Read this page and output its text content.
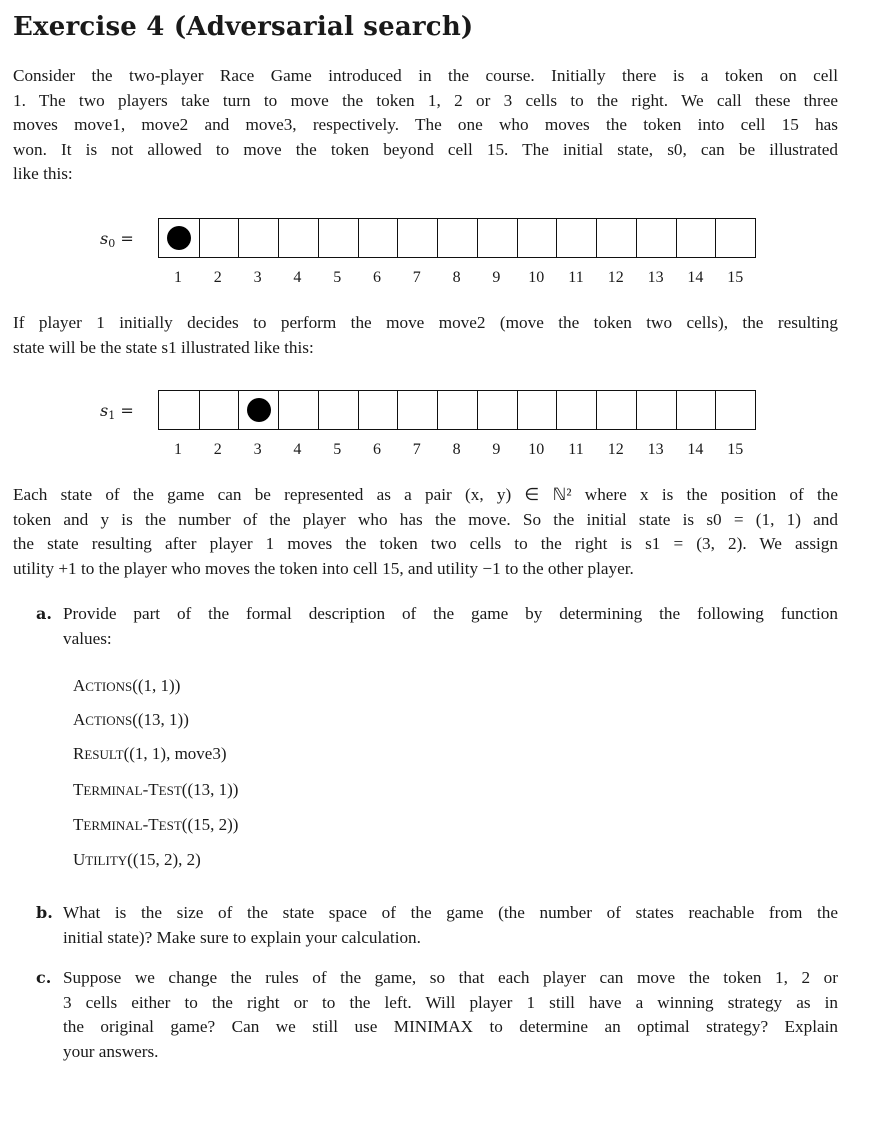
Exercise 4 (Adversarial search)
Consider the two-player Race Game introduced in the course. Initially there is a token on cell
1. The two players take turn to move the token 1, 2 or 3 cells to the right. We call these three
moves move1, move2 and move3, respectively. The one who moves the token into cell 15 has
won. It is not allowed to move the token beyond cell 15. The initial state, s0, can be illustrated
like this:
$s_0$ =
1	2	3	4	5	6	7	8	9	10	11	12	13	14	15
If player 1 initially decides to perform the move move2 (move the token two cells), the resulting
state will be the state s1 illustrated like this:
$s_1$ =
1	2	3	4	5	6	7	8	9	10	11	12	13	14	15
Each state of the game can be represented as a pair (x, y) ∈ ℕ² where x is the position of the
token and y is the number of the player who has the move. So the initial state is s0 = (1, 1) and
the state resulting after player 1 moves the token two cells to the right is s1 = (3, 2). We assign
utility +1 to the player who moves the token into cell 15, and utility −1 to the other player.
a. Provide part of the formal description of the game by determining the following function
values:
ACTIONS((1, 1))
ACTIONS((13, 1))
RESULT((1, 1), move3)
TERMINAL-TEST((13, 1))
TERMINAL-TEST((15, 2))
UTILITY((15, 2), 2)
b. What is the size of the state space of the game (the number of states reachable from the
initial state)? Make sure to explain your calculation.
c. Suppose we change the rules of the game, so that each player can move the token 1, 2 or
3 cells either to the right or to the left. Will player 1 still have a winning strategy as in
the original game? Can we still use MINIMAX to determine an optimal strategy? Explain
your answers.
